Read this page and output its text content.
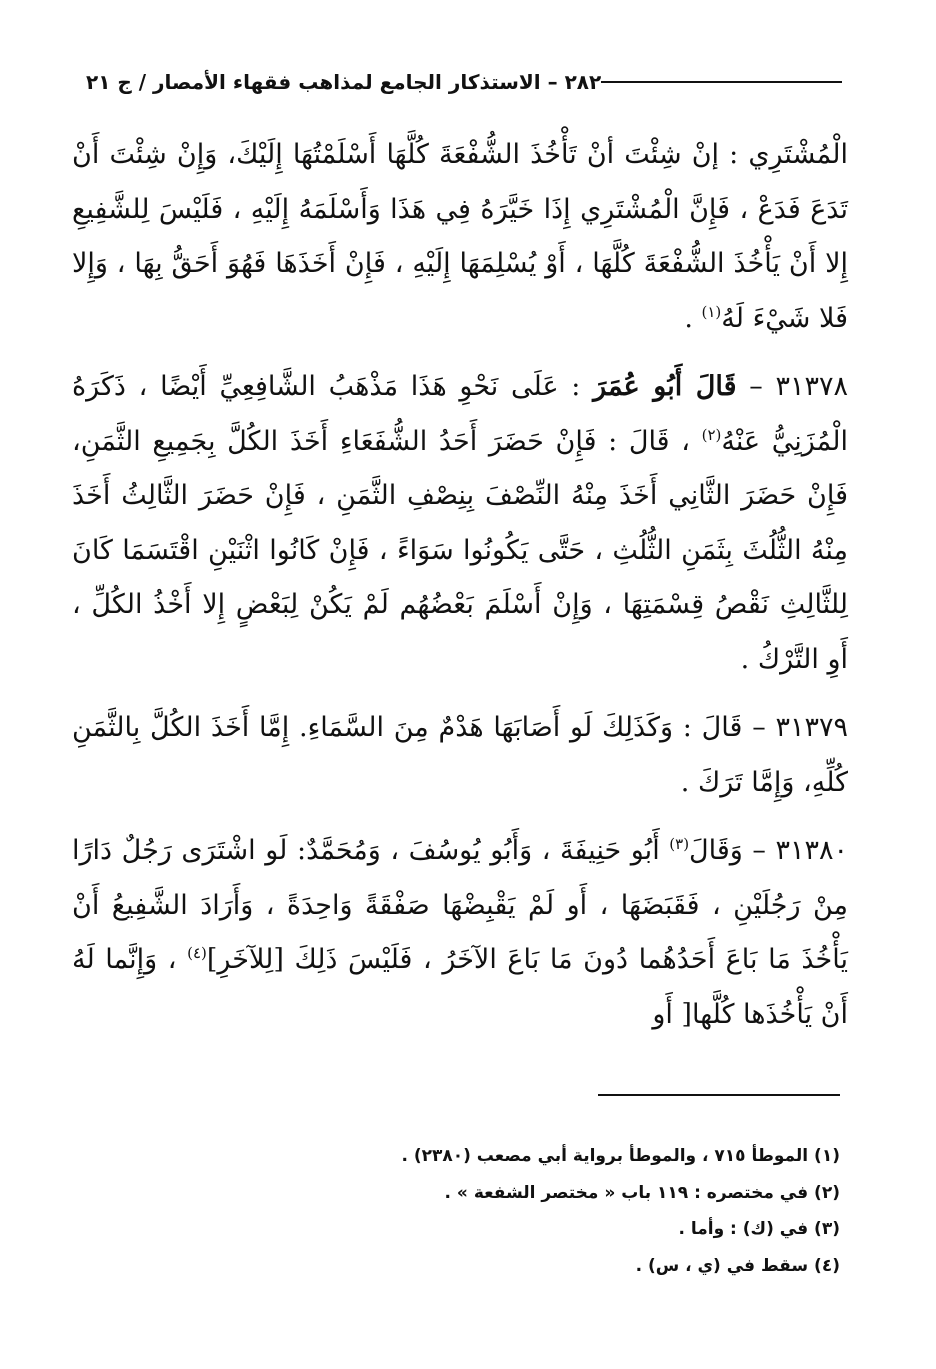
٢٨٢ – الاستذكار الجامع لمذاهب فقهاء الأمصار / ج ٢١

الْمُشْتَرِي : إنْ شِئْتَ أنْ تَأْخُذَ الشُّفْعَةَ كُلَّهَا أَسْلَمْتُهَا إِلَيْكَ، وَإِنْ شِئْتَ أَنْ تَدَعَ فَدَعْ ، فَإِنَّ الْمُشْتَرِي إِذَا خَيَّرَهُ فِي هَذَا وَأَسْلَمَهُ إِلَيْهِ ، فَلَيْسَ لِلشَّفِيعِ إِلا أَنْ يَأْخُذَ الشُّفْعَةَ كُلَّهَا ، أَوْ يُسْلِمَهَا إِلَيْهِ ، فَإِنْ أَخَذَهَا فَهُوَ أَحَقُّ بِهَا ، وَإِلا فَلا شَيْءَ لَهُ$^{(١)}$ .

٣١٣٧٨ – قَالَ أَبُو عُمَرَ : عَلَى نَحْوِ هَذَا مَذْهَبُ الشَّافِعِيِّ أَيْضًا ، ذَكَرَهُ الْمُزَنِيُّ عَنْهُ$^{(٢)}$ ، قَالَ : فَإِنْ حَضَرَ أَحَدُ الشُّفَعَاءِ أَخَذَ الكُلَّ بِجَمِيعِ الثَّمَنِ، فَإِنْ حَضَرَ الثَّانِي أَخَذَ مِنْهُ النِّصْفَ بِنِصْفِ الثَّمَنِ ، فَإِنْ حَضَرَ الثَّالِثُ أَخَذَ مِنْهُ الثُّلُثَ بِثَمَنِ الثُّلُثِ ، حَتَّى يَكُونُوا سَوَاءً ، فَإِنْ كَانُوا اثْنَيْنِ اقْتَسَمَا كَانَ لِلثَّالِثِ نَقْصُ قِسْمَتِهَا ، وَإِنْ أَسْلَمَ بَعْضُهُم لَمْ يَكُنْ لِبَعْضٍ إِلا أَخْذُ الكُلِّ ، أَوِ التَّرْكُ .

٣١٣٧٩ – قَالَ : وَكَذَلِكَ لَو أَصَابَهَا هَدْمٌ مِنَ السَّمَاءِ. إِمَّا أَخَذَ الكُلَّ بِالثَّمَنِ كُلِّهِ، وَإِمَّا تَرَكَ .

٣١٣٨٠ – وَقَالَ$^{(٣)}$ أَبُو حَنِيفَةَ ، وَأَبُو يُوسُفَ ، وَمُحَمَّدٌ: لَو اشْتَرَى رَجُلٌ دَارًا مِنْ رَجُلَيْنِ ، فَقَبَضَهَا ، أَو لَمْ يَقْبِضْهَا صَفْقَةً وَاحِدَةً ، وَأَرَادَ الشَّفِيعُ أَنْ يَأْخُذَ مَا بَاعَ أَحَدُهُما دُونَ مَا بَاعَ الآخَرُ ، فَلَيْسَ ذَلِكَ [لِلآخَرِ]$^{(٤)}$ ، وَإِنَّما لَهُ أَنْ يَأْخُذَها كُلَّها[ أَو

(١) الموطأ ٧١٥ ، والموطأ برواية أبي مصعب (٢٣٨٠) .
(٢) في مختصره : ١١٩ باب « مختصر الشفعة » .
(٣) في (ك) : وأما .
(٤) سقط في (ي ، س) .
